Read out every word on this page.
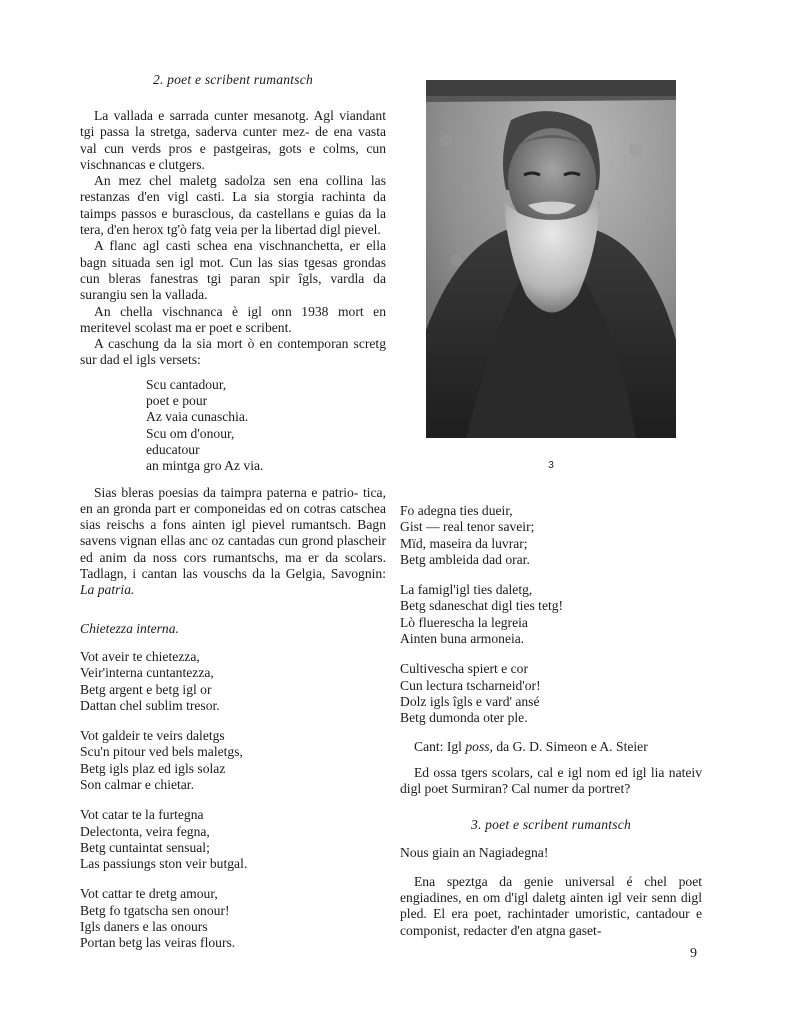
2. poet e scribent rumantsch

La vallada e sarrada cunter mesanotg. Agl viandant tgi passa la stretga, saderva cunter mez- de ena vasta val cun verds pros e pastgeiras, gots e colms, cun vischnancas e clutgers.

An mez chel maletg sadolza sen ena collina las restanzas d'en vigl casti. La sia storgia rachinta da taimps passos e burasclous, da castellans e guias da la tera, d'en herox tg'ò fatg veia per la libertad digl pievel.

A flanc agl casti schea ena vischnanchetta, er ella bagn situada sen igl mot. Cun las sias tgesas grondas cun bleras fanestras tgi paran spir îgls, vardla da surangiu sen la vallada.

An chella vischnanca è igl onn 1938 mort en meritevel scolast ma er poet e scribent.

A caschung da la sia mort ò en contemporan scretg sur dad el igls versets:

Scu cantadour,
poet e pour
Az vaia cunaschia.
Scu om d'onour,
educatour
an mintga gro Az via.

Sias bleras poesias da taimpra paterna e patrio- tica, en an gronda part er componeidas ed on cotras catschea sias reischs a fons ainten igl pievel rumantsch. Bagn savens vignan ellas anc oz cantadas cun grond plascheir ed anim da noss cors rumantschs, ma er da scolars. Tadlagn, i cantan las vouschs da la Gelgia, Savognin: La patria.

Chietezza interna.

Vot aveir te chietezza,
Veir'interna cuntantezza,
Betg argent e betg igl or
Dattan chel sublim tresor.
Vot galdeir te veirs daletgs
Scu'n pitour ved bels maletgs,
Betg igls plaz ed igls solaz
Son calmar e chietar.
Vot catar te la furtegna
Delectonta, veira fegna,
Betg cuntaintat sensual;
Las passiungs ston veir butgal.
Vot cattar te dretg amour,
Betg fo tgatscha sen onour!
Igls daners e las onours
Portan betg las veiras flours.
3
Fo adegna ties dueir,
Gist — real tenor saveir;
Mïd, maseira da luvrar;
Betg ambleida dad orar.
La famigl'igl ties daletg,
Betg sdaneschat digl ties tetg!
Lò fluerescha la legreia
Ainten buna armoneia.
Cultivescha spiert e cor
Cun lectura tscharneid'or!
Dolz igls îgls e vard' ansé
Betg dumonda oter ple.

Cant: Igl poss, da G. D. Simeon e A. Steier

Ed ossa tgers scolars, cal e igl nom ed igl lia nateiv digl poet Surmiran? Cal numer da portret?

3. poet e scribent rumantsch

Nous giain an Nagiadegna!

Ena speztga da genie universal é chel poet engiadines, en om d'igl daletg ainten igl veir senn digl pled. El era poet, rachintader umoristic, cantadour e componist, redacter d'en atgna gaset-

9
